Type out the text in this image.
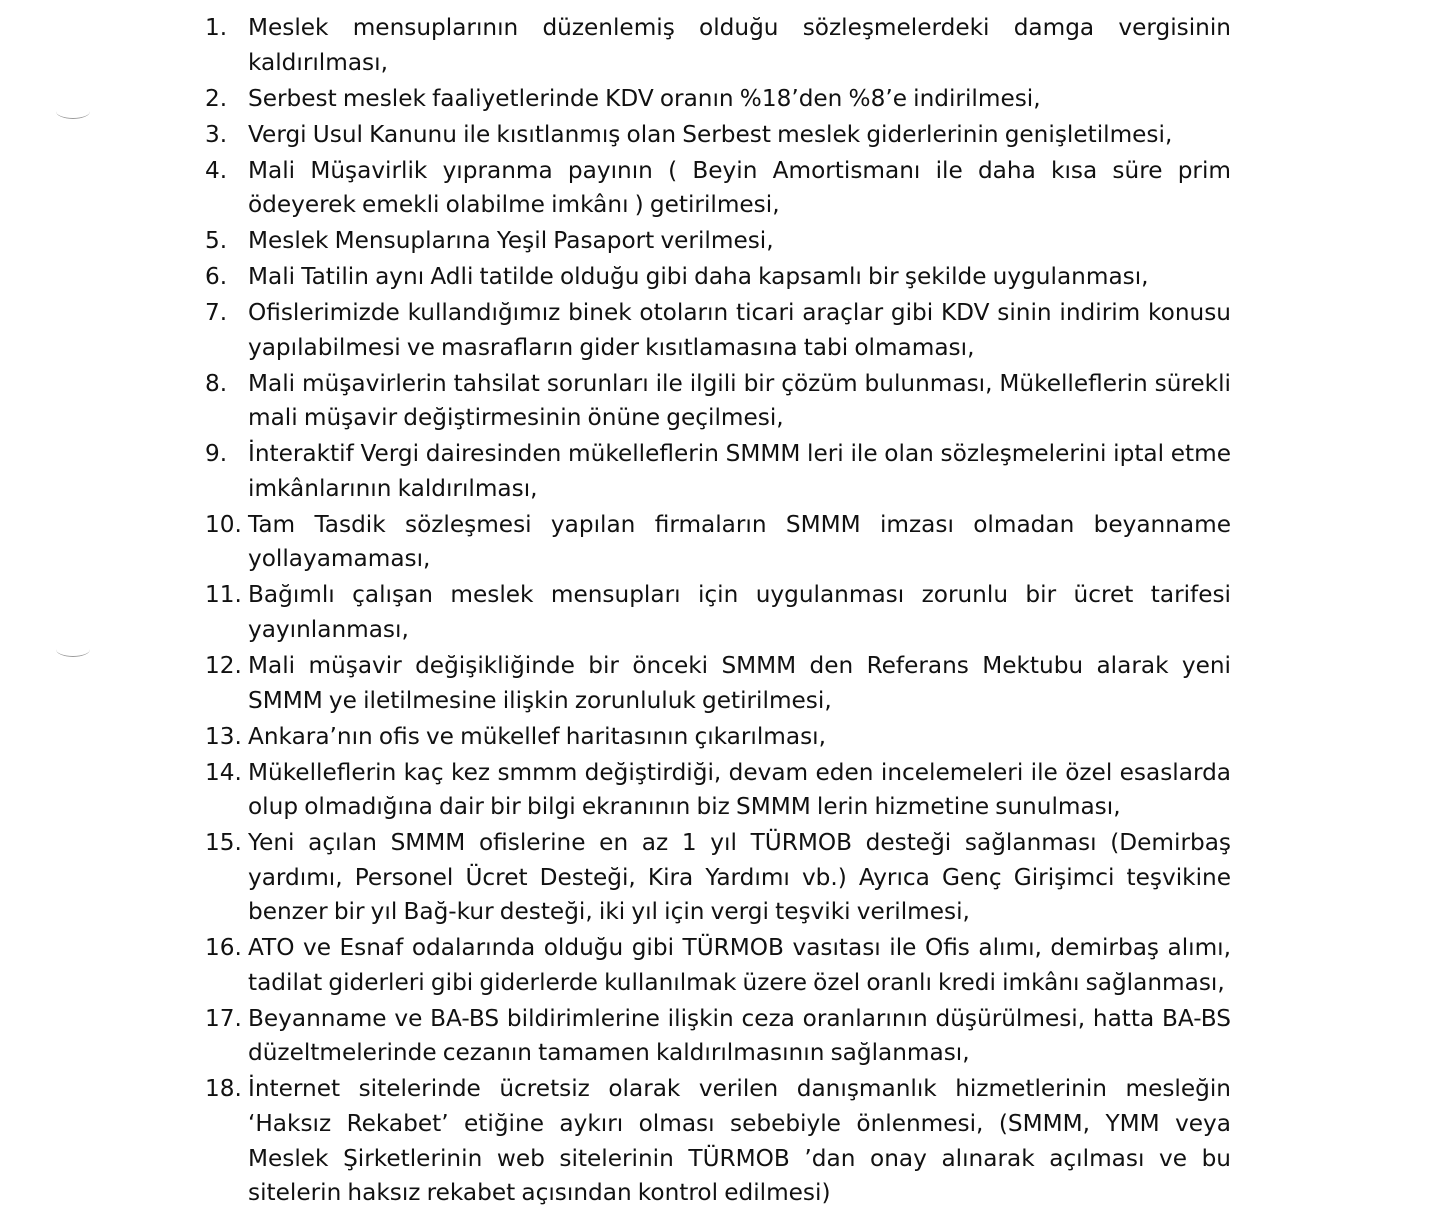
1. Meslek mensuplarının düzenlemiş olduğu sözleşmelerdeki damga vergisinin kaldırılması,
2. Serbest meslek faaliyetlerinde KDV oranın %18’den %8’e indirilmesi,
3. Vergi Usul Kanunu ile kısıtlanmış olan Serbest meslek giderlerinin genişletilmesi,
4. Mali Müşavirlik yıpranma payının ( Beyin Amortismanı ile daha kısa süre prim ödeyerek emekli olabilme imkânı ) getirilmesi,
5. Meslek Mensuplarına Yeşil Pasaport verilmesi,
6. Mali Tatilin aynı Adli tatilde olduğu gibi daha kapsamlı bir şekilde uygulanması,
7. Ofislerimizde kullandığımız binek otoların ticari araçlar gibi KDV sinin indirim konusu yapılabilmesi ve masrafların gider kısıtlamasına tabi olmaması,
8. Mali müşavirlerin tahsilat sorunları ile ilgili bir çözüm bulunması, Mükelleflerin sürekli mali müşavir değiştirmesinin önüne geçilmesi,
9. İnteraktif Vergi dairesinden mükelleflerin SMMM leri ile olan sözleşmelerini iptal etme imkânlarının kaldırılması,
10. Tam Tasdik sözleşmesi yapılan firmaların SMMM imzası olmadan beyanname yollayamaması,
11. Bağımlı çalışan meslek mensupları için uygulanması zorunlu bir ücret tarifesi yayınlanması,
12. Mali müşavir değişikliğinde bir önceki SMMM den Referans Mektubu alarak yeni SMMM ye iletilmesine ilişkin zorunluluk getirilmesi,
13. Ankara’nın ofis ve mükellef haritasının çıkarılması,
14. Mükelleflerin kaç kez smmm değiştirdiği, devam eden incelemeleri ile özel esaslarda olup olmadığına dair bir bilgi ekranının biz SMMM lerin hizmetine sunulması,
15. Yeni açılan SMMM ofislerine en az 1 yıl TÜRMOB desteği sağlanması (Demirbaş yardımı, Personel Ücret Desteği, Kira Yardımı vb.) Ayrıca Genç Girişimci teşvikine benzer bir yıl Bağ-kur desteği, iki yıl için vergi teşviki verilmesi,
16. ATO ve Esnaf odalarında olduğu gibi TÜRMOB vasıtası ile Ofis alımı, demirbaş alımı, tadilat giderleri gibi giderlerde kullanılmak üzere özel oranlı kredi imkânı sağlanması,
17. Beyanname ve BA-BS bildirimlerine ilişkin ceza oranlarının düşürülmesi, hatta BA-BS düzeltmelerinde cezanın tamamen kaldırılmasının sağlanması,
18. İnternet sitelerinde ücretsiz olarak verilen danışmanlık hizmetlerinin mesleğin ‘Haksız Rekabet’ etiğine aykırı olması sebebiyle önlenmesi, (SMMM, YMM veya Meslek Şirketlerinin web sitelerinin TÜRMOB ’dan onay alınarak açılması ve bu sitelerin haksız rekabet açısından kontrol edilmesi)
